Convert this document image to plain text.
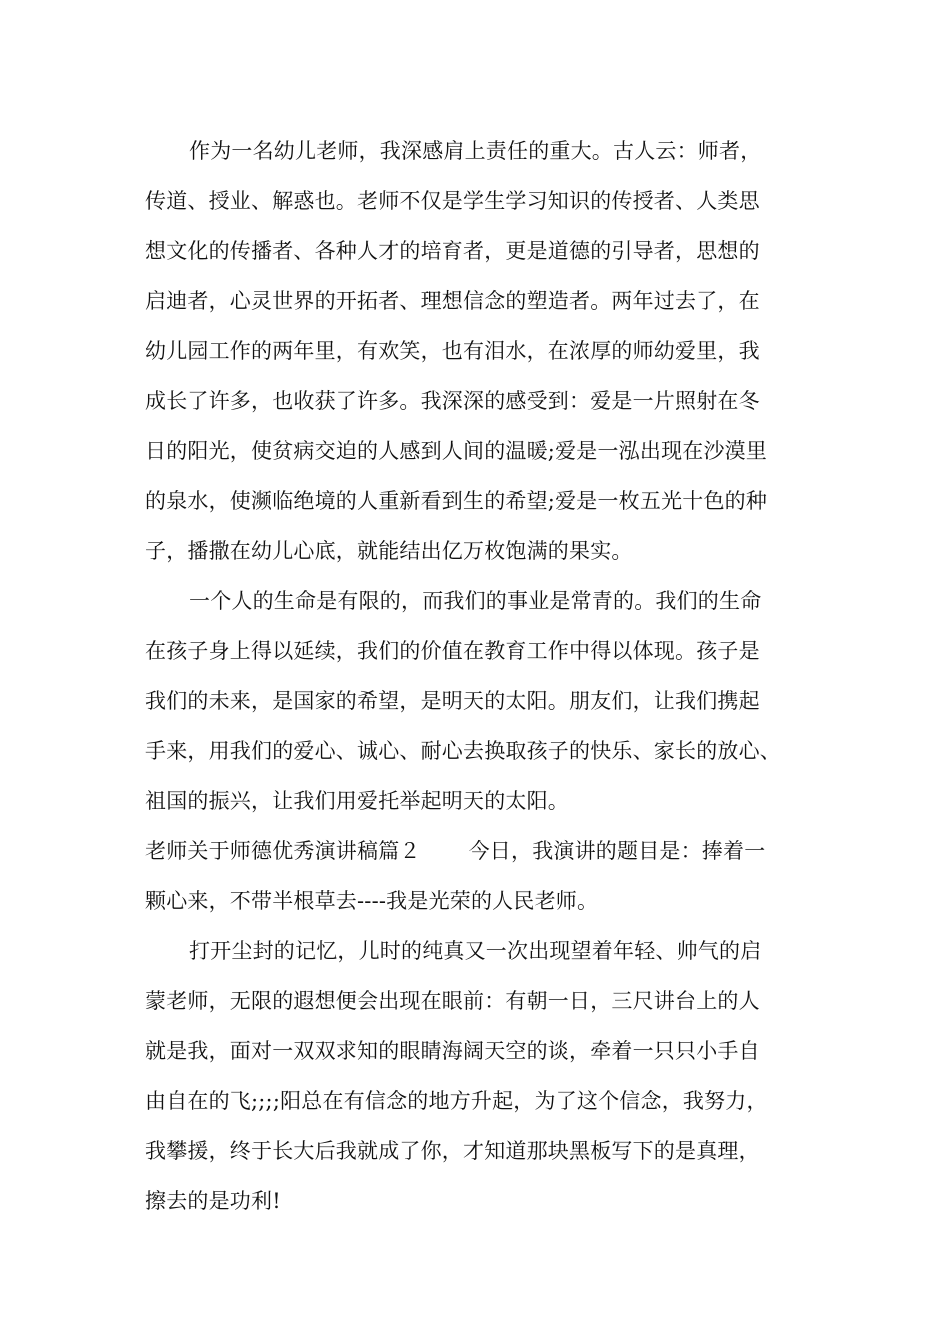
作为一名幼儿老师，我深感肩上责任的重大。古人云：师者，
传道、授业、解惑也。老师不仅是学生学习知识的传授者、人类思
想文化的传播者、各种人才的培育者，更是道德的引导者，思想的
启迪者，心灵世界的开拓者、理想信念的塑造者。两年过去了，在
幼儿园工作的两年里，有欢笑，也有泪水，在浓厚的师幼爱里，我
成长了许多，也收获了许多。我深深的感受到：爱是一片照射在冬
日的阳光，使贫病交迫的人感到人间的温暖;爱是一泓出现在沙漠里
的泉水，使濒临绝境的人重新看到生的希望;爱是一枚五光十色的种
子，播撒在幼儿心底，就能结出亿万枚饱满的果实。
一个人的生命是有限的，而我们的事业是常青的。我们的生命
在孩子身上得以延续，我们的价值在教育工作中得以体现。孩子是
我们的未来，是国家的希望，是明天的太阳。朋友们，让我们携起
手来，用我们的爱心、诚心、耐心去换取孩子的快乐、家长的放心、
祖国的振兴，让我们用爱托举起明天的太阳。
老师关于师德优秀演讲稿篇２ 今日，我演讲的题目是：捧着一
颗心来，不带半根草去----我是光荣的人民老师。
打开尘封的记忆，儿时的纯真又一次出现望着年轻、帅气的启
蒙老师，无限的遐想便会出现在眼前：有朝一日，三尺讲台上的人
就是我，面对一双双求知的眼睛海阔天空的谈，牵着一只只小手自
由自在的飞;;;;阳总在有信念的地方升起，为了这个信念，我努力，
我攀援，终于长大后我就成了你，才知道那块黑板写下的是真理，
擦去的是功利!
